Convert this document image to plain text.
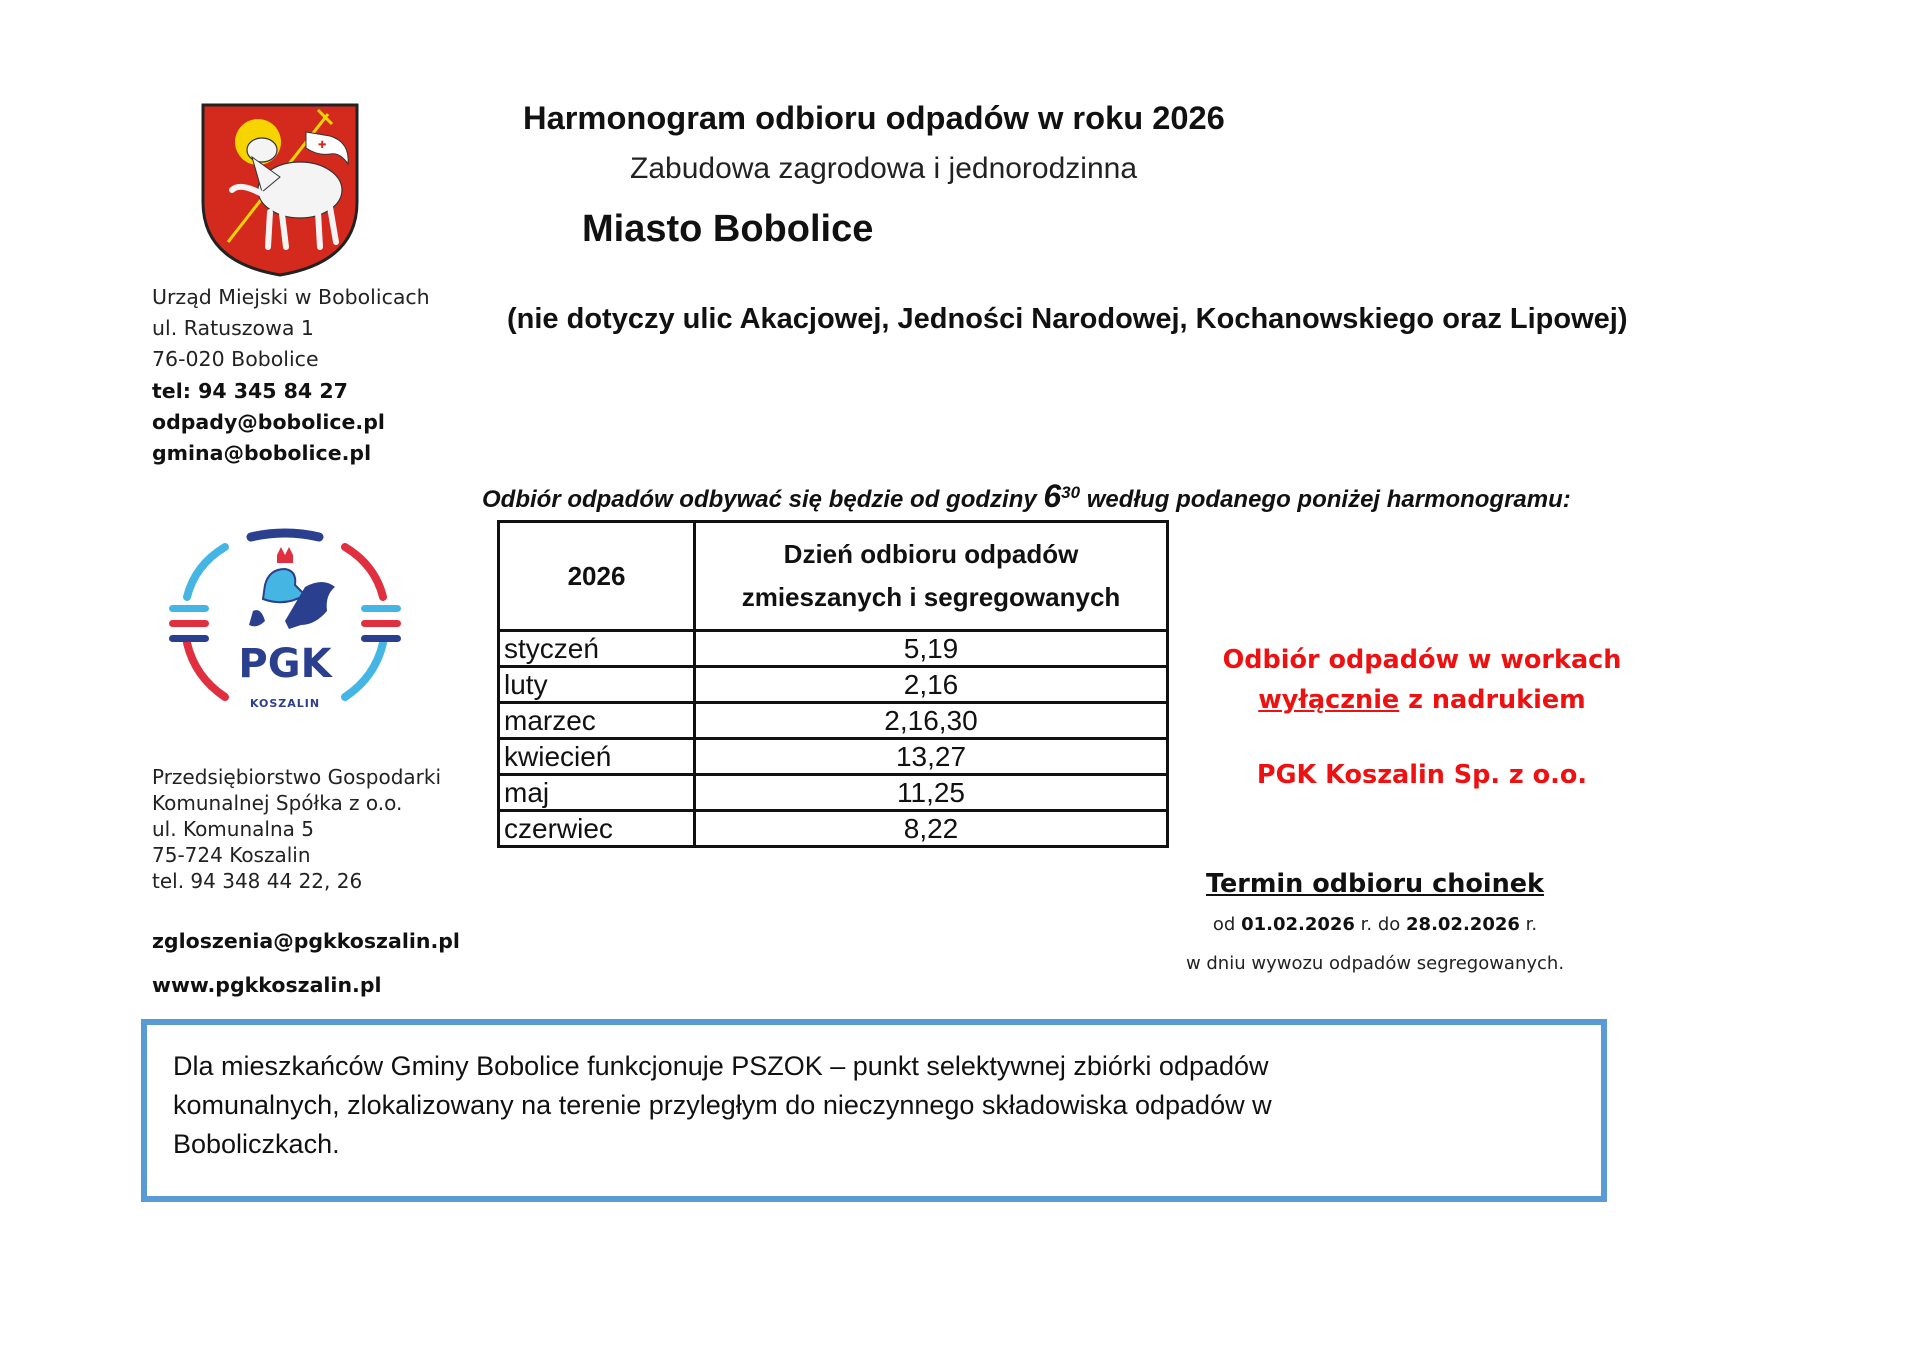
✚
Urząd Miejski w Bobolicach
ul. Ratuszowa 1
76-020 Bobolice
tel: 94 345 84 27
odpady@bobolice.pl
gmina@bobolice.pl
Harmonogram odbioru odpadów w roku 2026
Zabudowa zagrodowa i jednorodzinna
Miasto Bobolice
(nie dotyczy ulic Akacjowej, Jedności Narodowej, Kochanowskiego oraz Lipowej)
Odbiór odpadów odbywać się będzie od godziny $6^{30}$ według podanego poniżej harmonogramu:
PGK
KOSZALIN
Przedsiębiorstwo Gospodarki
Komunalnej Spółka z o.o.
ul. Komunalna 5
75-724 Koszalin
tel. 94 348 44 22, 26
zgloszenia@pgkkoszalin.pl
www.pgkkoszalin.pl
2026	Dzień odbioru odpadów
zmieszanych i segregowanych

styczeń	5,19
luty	2,16
marzec	2,16,30
kwiecień	13,27
maj	11,25
czerwiec	8,22
Odbiór odpadów w workach
wyłącznie z nadrukiem
PGK Koszalin Sp. z o.o.
Termin odbioru choinek
od 01.02.2026 r. do 28.02.2026 r.
w dniu wywozu odpadów segregowanych.
Dla mieszkańców Gminy Bobolice funkcjonuje PSZOK – punkt selektywnej zbiórki odpadów komunalnych, zlokalizowany na terenie przyległym do nieczynnego składowiska odpadów w Boboliczkach.
